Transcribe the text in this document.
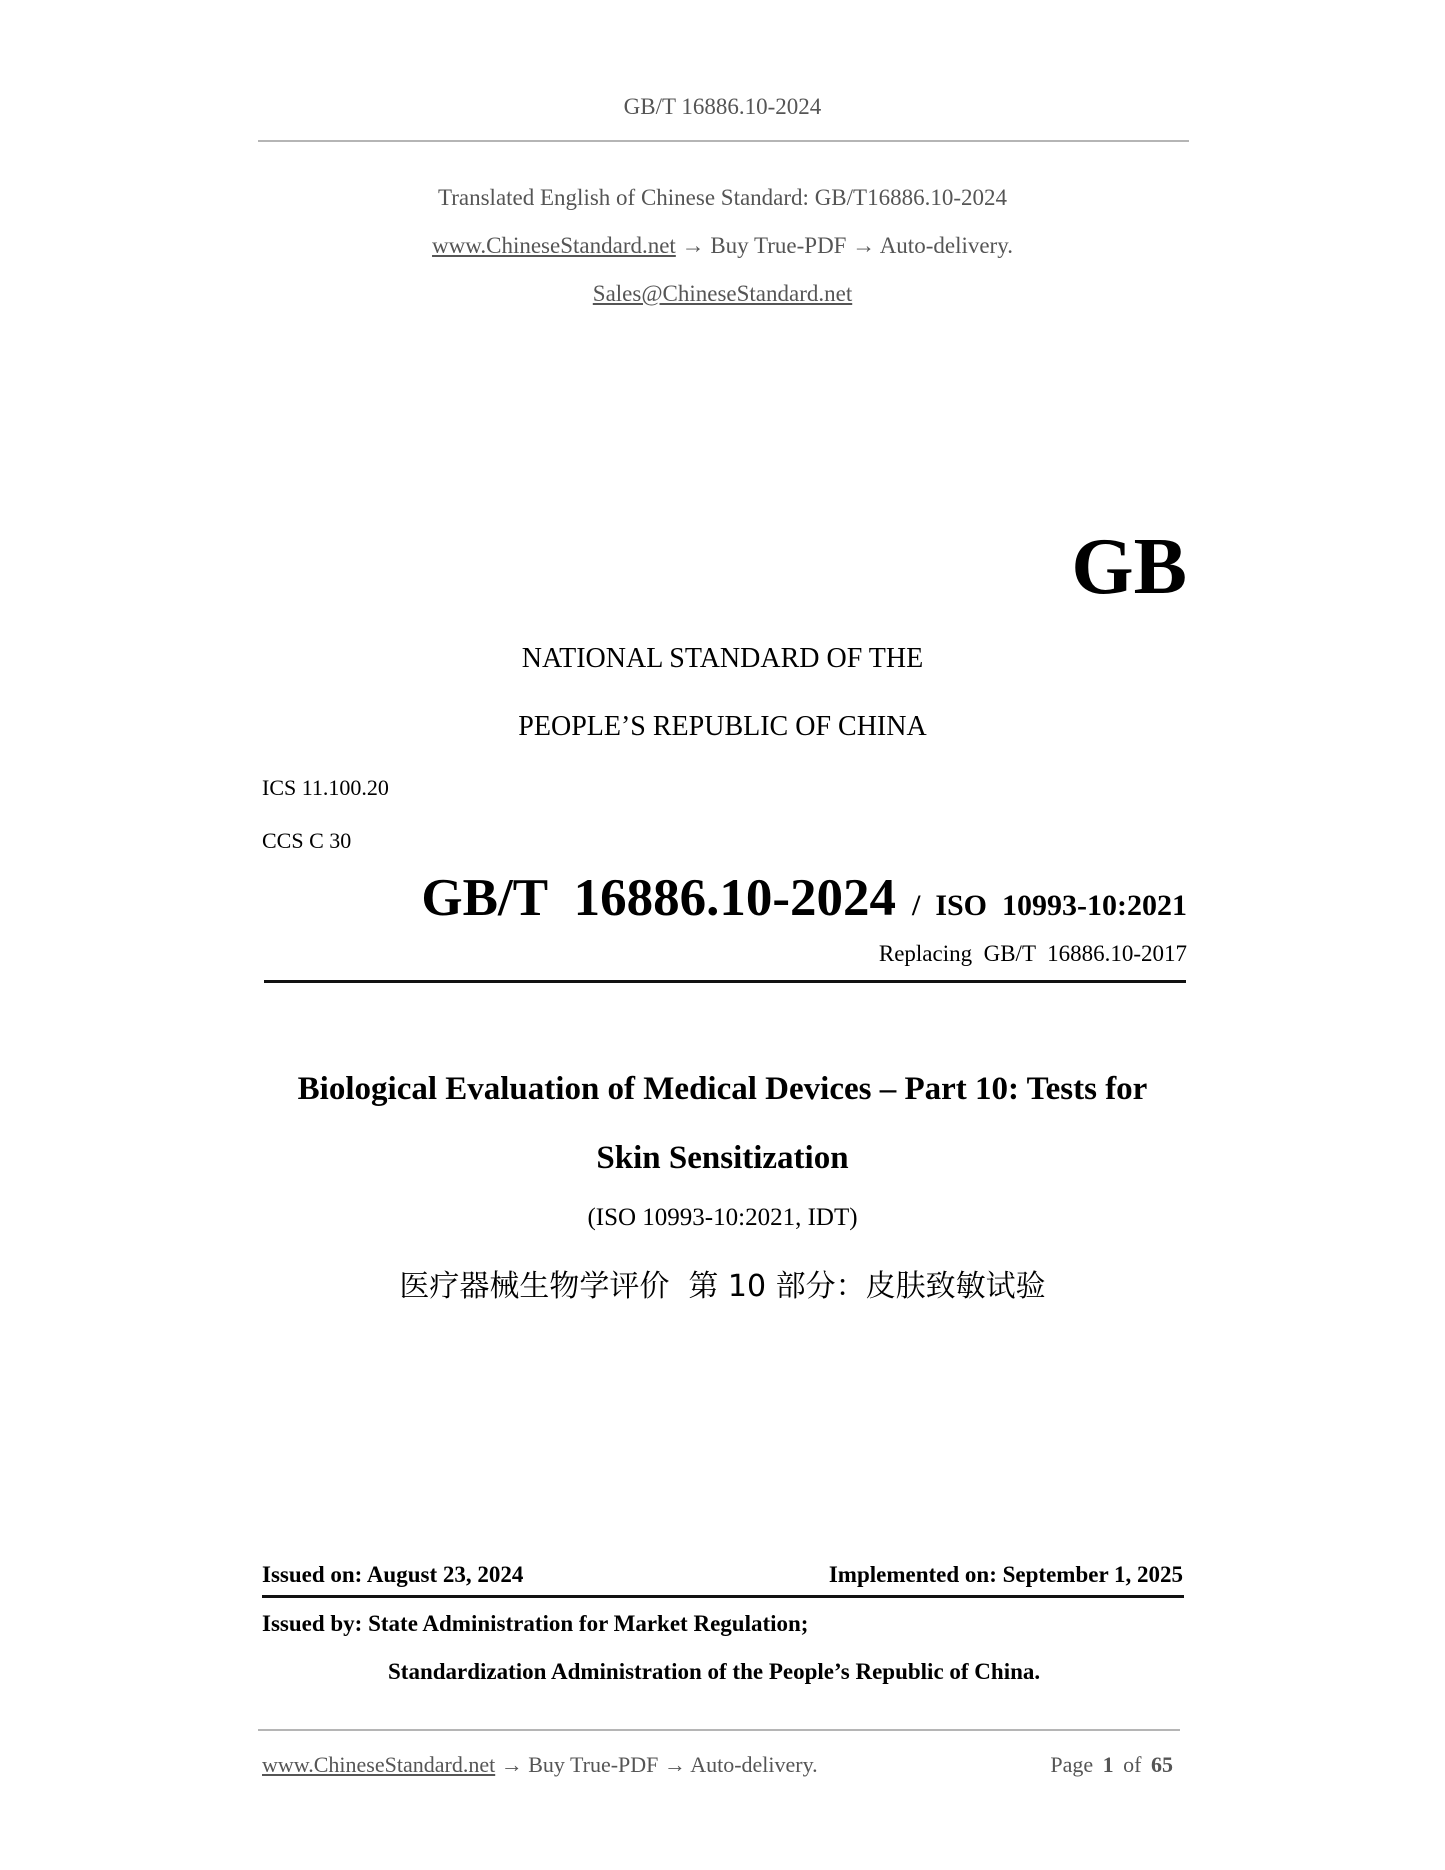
GB/T 16886.10-2024
Translated English of Chinese Standard: GB/T16886.10-2024
www.ChineseStandard.net → Buy True-PDF → Auto-delivery.
Sales@ChineseStandard.net
GB
NATIONAL STANDARD OF THE
PEOPLE’S REPUBLIC OF CHINA
ICS 11.100.20
CCS C 30
GB/T  16886.10-2024 /  ISO  10993-10:2021
Replacing  GB/T  16886.10-2017
Biological Evaluation of Medical Devices – Part 10: Tests for
Skin Sensitization
(ISO 10993-10:2021, IDT)
医疗器械生物学评价  第 10 部分：皮肤致敏试验
Issued on: August 23, 2024	Implemented on: September 1, 2025
Issued by: State Administration for Market Regulation;
Standardization Administration of the People’s Republic of China.
www.ChineseStandard.net → Buy True-PDF → Auto-delivery.	Page 1 of 65
